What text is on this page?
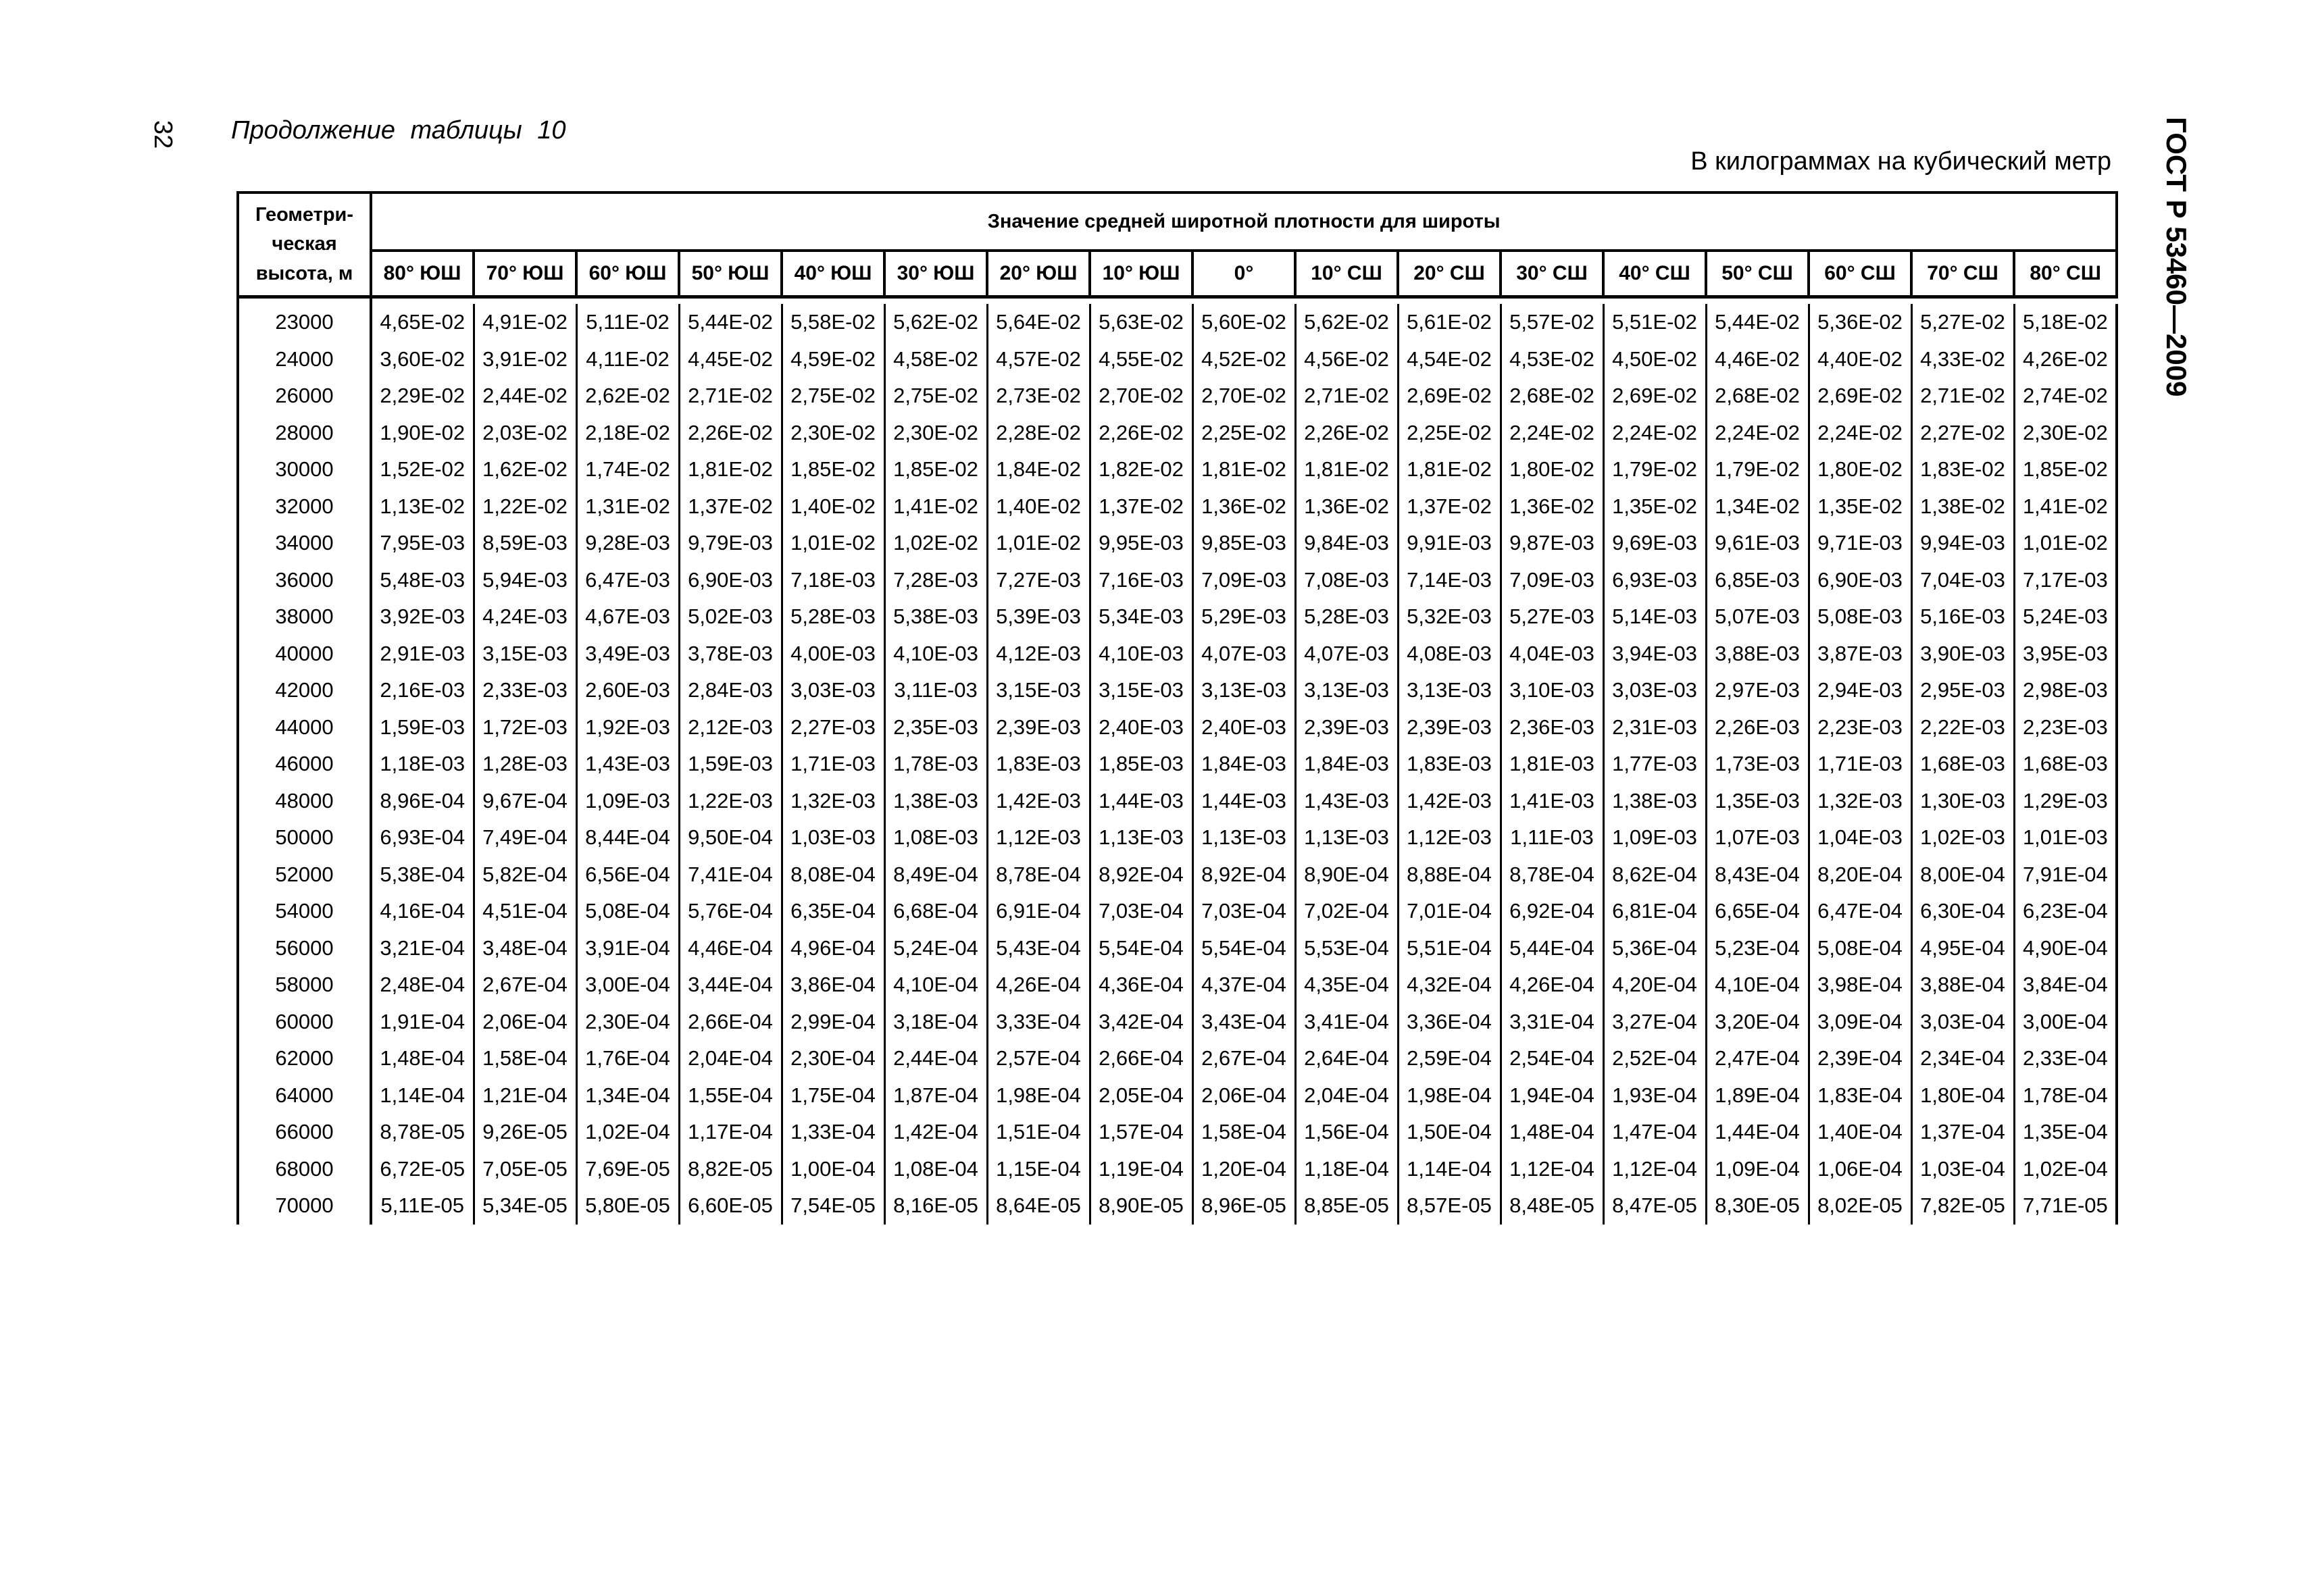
32 Продолжение таблицы 10
В килограммах на кубический метр ГОСТ Р 53460—2009
Геометри-
ческая
высота, м	Значение средней широтной плотности для широты																
	80° ЮШ	70° ЮШ	60° ЮШ	50° ЮШ	40° ЮШ	30° ЮШ	20° ЮШ	10° ЮШ	0°	10° СШ	20° СШ	30° СШ	40° СШ	50° СШ	60° СШ	70° СШ	80° СШ

23000	4,65E-02	4,91E-02	5,11E-02	5,44E-02	5,58E-02	5,62E-02	5,64E-02	5,63E-02	5,60E-02	5,62E-02	5,61E-02	5,57E-02	5,51E-02	5,44E-02	5,36E-02	5,27E-02	5,18E-02
24000	3,60E-02	3,91E-02	4,11E-02	4,45E-02	4,59E-02	4,58E-02	4,57E-02	4,55E-02	4,52E-02	4,56E-02	4,54E-02	4,53E-02	4,50E-02	4,46E-02	4,40E-02	4,33E-02	4,26E-02
26000	2,29E-02	2,44E-02	2,62E-02	2,71E-02	2,75E-02	2,75E-02	2,73E-02	2,70E-02	2,70E-02	2,71E-02	2,69E-02	2,68E-02	2,69E-02	2,68E-02	2,69E-02	2,71E-02	2,74E-02
28000	1,90E-02	2,03E-02	2,18E-02	2,26E-02	2,30E-02	2,30E-02	2,28E-02	2,26E-02	2,25E-02	2,26E-02	2,25E-02	2,24E-02	2,24E-02	2,24E-02	2,24E-02	2,27E-02	2,30E-02
30000	1,52E-02	1,62E-02	1,74E-02	1,81E-02	1,85E-02	1,85E-02	1,84E-02	1,82E-02	1,81E-02	1,81E-02	1,81E-02	1,80E-02	1,79E-02	1,79E-02	1,80E-02	1,83E-02	1,85E-02
32000	1,13E-02	1,22E-02	1,31E-02	1,37E-02	1,40E-02	1,41E-02	1,40E-02	1,37E-02	1,36E-02	1,36E-02	1,37E-02	1,36E-02	1,35E-02	1,34E-02	1,35E-02	1,38E-02	1,41E-02
34000	7,95E-03	8,59E-03	9,28E-03	9,79E-03	1,01E-02	1,02E-02	1,01E-02	9,95E-03	9,85E-03	9,84E-03	9,91E-03	9,87E-03	9,69E-03	9,61E-03	9,71E-03	9,94E-03	1,01E-02
36000	5,48E-03	5,94E-03	6,47E-03	6,90E-03	7,18E-03	7,28E-03	7,27E-03	7,16E-03	7,09E-03	7,08E-03	7,14E-03	7,09E-03	6,93E-03	6,85E-03	6,90E-03	7,04E-03	7,17E-03
38000	3,92E-03	4,24E-03	4,67E-03	5,02E-03	5,28E-03	5,38E-03	5,39E-03	5,34E-03	5,29E-03	5,28E-03	5,32E-03	5,27E-03	5,14E-03	5,07E-03	5,08E-03	5,16E-03	5,24E-03
40000	2,91E-03	3,15E-03	3,49E-03	3,78E-03	4,00E-03	4,10E-03	4,12E-03	4,10E-03	4,07E-03	4,07E-03	4,08E-03	4,04E-03	3,94E-03	3,88E-03	3,87E-03	3,90E-03	3,95E-03
42000	2,16E-03	2,33E-03	2,60E-03	2,84E-03	3,03E-03	3,11E-03	3,15E-03	3,15E-03	3,13E-03	3,13E-03	3,13E-03	3,10E-03	3,03E-03	2,97E-03	2,94E-03	2,95E-03	2,98E-03
44000	1,59E-03	1,72E-03	1,92E-03	2,12E-03	2,27E-03	2,35E-03	2,39E-03	2,40E-03	2,40E-03	2,39E-03	2,39E-03	2,36E-03	2,31E-03	2,26E-03	2,23E-03	2,22E-03	2,23E-03
46000	1,18E-03	1,28E-03	1,43E-03	1,59E-03	1,71E-03	1,78E-03	1,83E-03	1,85E-03	1,84E-03	1,84E-03	1,83E-03	1,81E-03	1,77E-03	1,73E-03	1,71E-03	1,68E-03	1,68E-03
48000	8,96E-04	9,67E-04	1,09E-03	1,22E-03	1,32E-03	1,38E-03	1,42E-03	1,44E-03	1,44E-03	1,43E-03	1,42E-03	1,41E-03	1,38E-03	1,35E-03	1,32E-03	1,30E-03	1,29E-03
50000	6,93E-04	7,49E-04	8,44E-04	9,50E-04	1,03E-03	1,08E-03	1,12E-03	1,13E-03	1,13E-03	1,13E-03	1,12E-03	1,11E-03	1,09E-03	1,07E-03	1,04E-03	1,02E-03	1,01E-03
52000	5,38E-04	5,82E-04	6,56E-04	7,41E-04	8,08E-04	8,49E-04	8,78E-04	8,92E-04	8,92E-04	8,90E-04	8,88E-04	8,78E-04	8,62E-04	8,43E-04	8,20E-04	8,00E-04	7,91E-04
54000	4,16E-04	4,51E-04	5,08E-04	5,76E-04	6,35E-04	6,68E-04	6,91E-04	7,03E-04	7,03E-04	7,02E-04	7,01E-04	6,92E-04	6,81E-04	6,65E-04	6,47E-04	6,30E-04	6,23E-04
56000	3,21E-04	3,48E-04	3,91E-04	4,46E-04	4,96E-04	5,24E-04	5,43E-04	5,54E-04	5,54E-04	5,53E-04	5,51E-04	5,44E-04	5,36E-04	5,23E-04	5,08E-04	4,95E-04	4,90E-04
58000	2,48E-04	2,67E-04	3,00E-04	3,44E-04	3,86E-04	4,10E-04	4,26E-04	4,36E-04	4,37E-04	4,35E-04	4,32E-04	4,26E-04	4,20E-04	4,10E-04	3,98E-04	3,88E-04	3,84E-04
60000	1,91E-04	2,06E-04	2,30E-04	2,66E-04	2,99E-04	3,18E-04	3,33E-04	3,42E-04	3,43E-04	3,41E-04	3,36E-04	3,31E-04	3,27E-04	3,20E-04	3,09E-04	3,03E-04	3,00E-04
62000	1,48E-04	1,58E-04	1,76E-04	2,04E-04	2,30E-04	2,44E-04	2,57E-04	2,66E-04	2,67E-04	2,64E-04	2,59E-04	2,54E-04	2,52E-04	2,47E-04	2,39E-04	2,34E-04	2,33E-04
64000	1,14E-04	1,21E-04	1,34E-04	1,55E-04	1,75E-04	1,87E-04	1,98E-04	2,05E-04	2,06E-04	2,04E-04	1,98E-04	1,94E-04	1,93E-04	1,89E-04	1,83E-04	1,80E-04	1,78E-04
66000	8,78E-05	9,26E-05	1,02E-04	1,17E-04	1,33E-04	1,42E-04	1,51E-04	1,57E-04	1,58E-04	1,56E-04	1,50E-04	1,48E-04	1,47E-04	1,44E-04	1,40E-04	1,37E-04	1,35E-04
68000	6,72E-05	7,05E-05	7,69E-05	8,82E-05	1,00E-04	1,08E-04	1,15E-04	1,19E-04	1,20E-04	1,18E-04	1,14E-04	1,12E-04	1,12E-04	1,09E-04	1,06E-04	1,03E-04	1,02E-04
70000	5,11E-05	5,34E-05	5,80E-05	6,60E-05	7,54E-05	8,16E-05	8,64E-05	8,90E-05	8,96E-05	8,85E-05	8,57E-05	8,48E-05	8,47E-05	8,30E-05	8,02E-05	7,82E-05	7,71E-05
